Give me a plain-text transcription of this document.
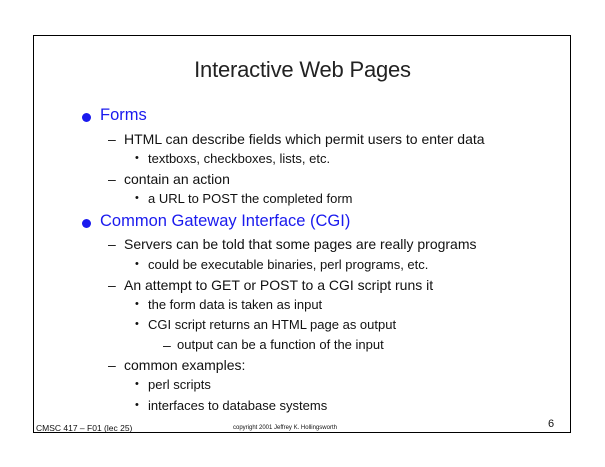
Interactive Web Pages
Forms
– HTML can describe fields which permit users to enter data
• textboxs, checkboxes, lists, etc.
– contain an action
• a URL to POST the completed form
Common Gateway Interface (CGI)
– Servers can be told that some pages are really programs
• could be executable binaries, perl programs, etc.
– An attempt to GET or POST to a CGI script runs it
• the form data is taken as input
• CGI script returns an HTML page as output
– output can be a function of the input
– common examples:
• perl scripts
• interfaces to database systems
CMSC 417 – F01 (lec 25)	copyright 2001 Jeffrey K. Hollingsworth	6
